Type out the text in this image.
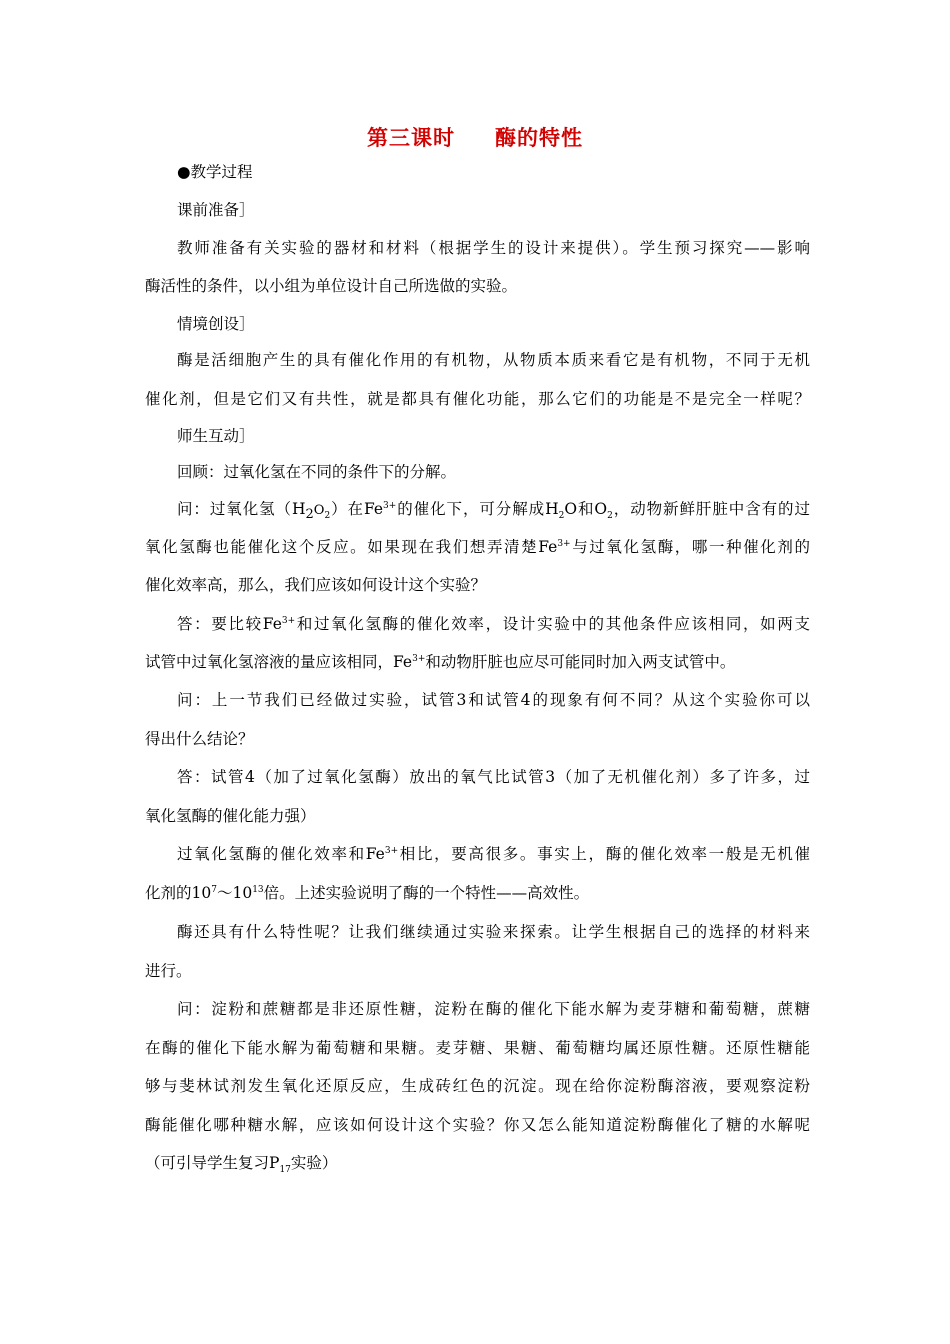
第三课时 酶的特性
●教学过程
课前准备］
教师准备有关实验的器材和材料（根据学生的设计来提供）。学生预习探究——影响
酶活性的条件，以小组为单位设计自己所选做的实验。
情境创设］
酶是活细胞产生的具有催化作用的有机物，从物质本质来看它是有机物，不同于无机
催化剂，但是它们又有共性，就是都具有催化功能，那么它们的功能是不是完全一样呢？
师生互动］
回顾：过氧化氢在不同的条件下的分解。
问：过氧化氢$(H_2O_2)$在$Fe^{3+}$的催化下，可分解成$H_2O$和$O_2$，动物新鲜肝脏中含有的过
氧化氢酶也能催化这个反应。如果现在我们想弄清楚$Fe^{3+}$与过氧化氢酶，哪一种催化剂的
催化效率高，那么，我们应该如何设计这个实验？
答：要比较$Fe^{3+}$和过氧化氢酶的催化效率，设计实验中的其他条件应该相同，如两支
试管中过氧化氢溶液的量应该相同，$Fe^{3+}$和动物肝脏也应尽可能同时加入两支试管中。
问：上一节我们已经做过实验，试管3和试管4的现象有何不同？从这个实验你可以
得出什么结论？
答：试管4（加了过氧化氢酶）放出的氧气比试管3（加了无机催化剂）多了许多，过
氧化氢酶的催化能力强）
过氧化氢酶的催化效率和$Fe^{3+}$相比，要高很多。事实上，酶的催化效率一般是无机催
化剂的$10^7\sim 10^{13}$倍。上述实验说明了酶的一个特性——高效性。
酶还具有什么特性呢？让我们继续通过实验来探索。让学生根据自己的选择的材料来
进行。
问：淀粉和蔗糖都是非还原性糖，淀粉在酶的催化下能水解为麦芽糖和葡萄糖，蔗糖
在酶的催化下能水解为葡萄糖和果糖。麦芽糖、果糖、葡萄糖均属还原性糖。还原性糖能
够与斐林试剂发生氧化还原反应，生成砖红色的沉淀。现在给你淀粉酶溶液，要观察淀粉
酶能催化哪种糖水解，应该如何设计这个实验？你又怎么能知道淀粉酶催化了糖的水解呢
（可引导学生复习$P_{17}$实验）
